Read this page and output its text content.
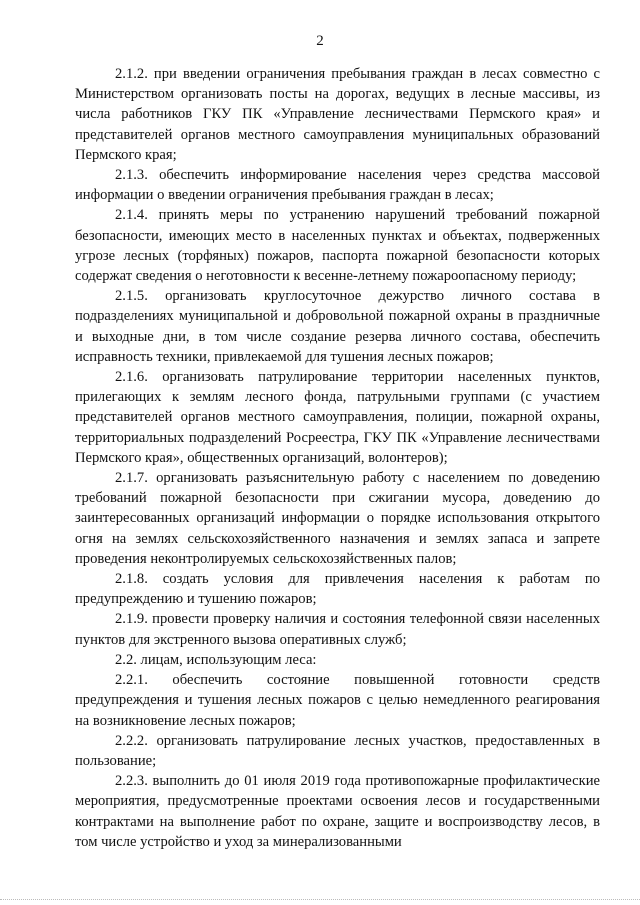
2

2.1.2. при введении ограничения пребывания граждан в лесах совместно с Министерством организовать посты на дорогах, ведущих в лесные массивы, из числа работников ГКУ ПК «Управление лесничествами Пермского края» и представителей органов местного самоуправления муниципальных образований Пермского края;

2.1.3. обеспечить информирование населения через средства массовой информации о введении ограничения пребывания граждан в лесах;

2.1.4. принять меры по устранению нарушений требований пожарной безопасности, имеющих место в населенных пунктах и объектах, подверженных угрозе лесных (торфяных) пожаров, паспорта пожарной безопасности которых содержат сведения о неготовности к весенне-летнему пожароопасному периоду;

2.1.5. организовать круглосуточное дежурство личного состава в подразделениях муниципальной и добровольной пожарной охраны в праздничные и выходные дни, в том числе создание резерва личного состава, обеспечить исправность техники, привлекаемой для тушения лесных пожаров;

2.1.6. организовать патрулирование территории населенных пунктов, прилегающих к землям лесного фонда, патрульными группами (с участием представителей органов местного самоуправления, полиции, пожарной охраны, территориальных подразделений Росреестра, ГКУ ПК «Управление лесничествами Пермского края», общественных организаций, волонтеров);

2.1.7. организовать разъяснительную работу с населением по доведению требований пожарной безопасности при сжигании мусора, доведению до заинтересованных организаций информации о порядке использования открытого огня на землях сельскохозяйственного назначения и землях запаса и запрете проведения неконтролируемых сельскохозяйственных палов;

2.1.8. создать условия для привлечения населения к работам по предупреждению и тушению пожаров;

2.1.9. провести проверку наличия и состояния телефонной связи населенных пунктов для экстренного вызова оперативных служб;

2.2. лицам, использующим леса:

2.2.1. обеспечить состояние повышенной готовности средств предупреждения и тушения лесных пожаров с целью немедленного реагирования на возникновение лесных пожаров;

2.2.2. организовать патрулирование лесных участков, предоставленных в пользование;

2.2.3. выполнить до 01 июля 2019 года противопожарные профилактические мероприятия, предусмотренные проектами освоения лесов и государственными контрактами на выполнение работ по охране, защите и воспроизводству лесов, в том числе устройство и уход за минерализованными
